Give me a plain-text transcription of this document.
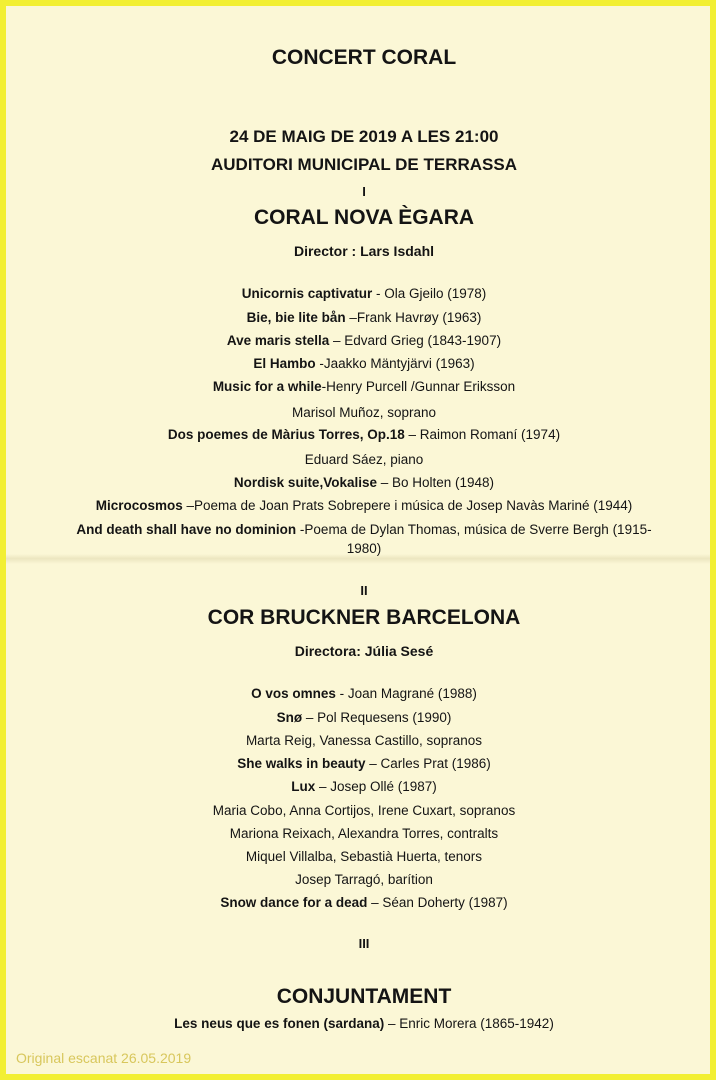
CONCERT CORAL
24 DE MAIG DE 2019 A LES 21:00
AUDITORI MUNICIPAL DE TERRASSA
I
CORAL NOVA ÈGARA
Director : Lars Isdahl
Unicornis captivatur - Ola Gjeilo (1978)
Bie, bie lite bån –Frank Havrøy (1963)
Ave maris stella – Edvard Grieg (1843-1907)
El Hambo -Jaakko Mäntyjärvi (1963)
Music for a while-Henry Purcell /Gunnar Eriksson
Marisol Muñoz, soprano
Dos poemes de Màrius Torres, Op.18 – Raimon Romaní (1974)
Eduard Sáez, piano
Nordisk suite,Vokalise – Bo Holten (1948)
Microcosmos –Poema de Joan Prats Sobrepere i música de Josep Navàs Mariné (1944)
And death shall have no dominion -Poema de Dylan Thomas, música de Sverre Bergh (1915-
1980)
II
COR BRUCKNER BARCELONA
Directora: Júlia Sesé
O vos omnes - Joan Magrané (1988)
Snø – Pol Requesens (1990)
Marta Reig, Vanessa Castillo, sopranos
She walks in beauty – Carles Prat (1986)
Lux – Josep Ollé (1987)
Maria Cobo, Anna Cortijos, Irene Cuxart, sopranos
Mariona Reixach, Alexandra Torres, contralts
Miquel Villalba, Sebastià Huerta, tenors
Josep Tarragó, barítion
Snow dance for a dead – Séan Doherty (1987)
III
CONJUNTAMENT
Les neus que es fonen (sardana) – Enric Morera (1865-1942)
Original escanat 26.05.2019
